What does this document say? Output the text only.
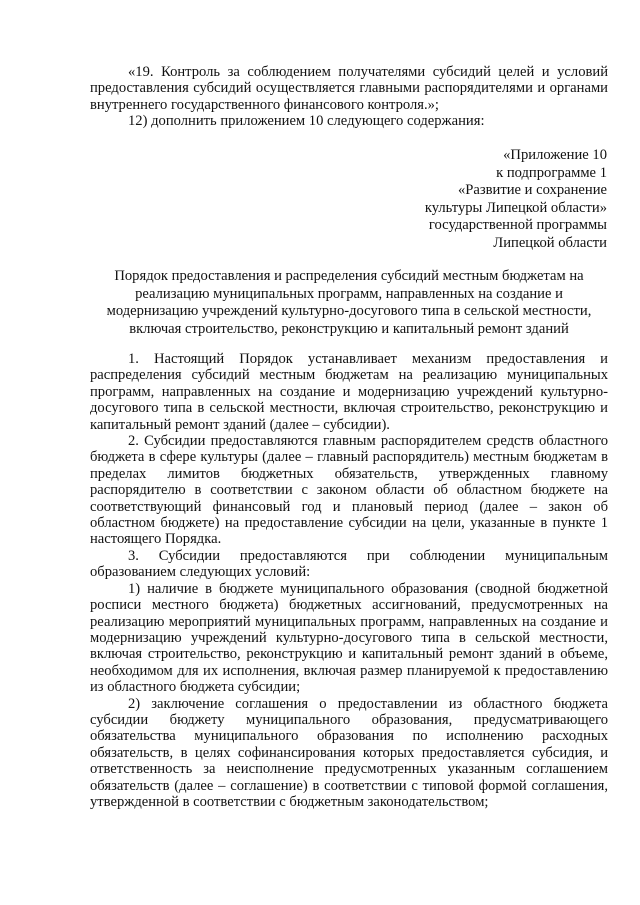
«19. Контроль за соблюдением получателями субсидий целей и условий предоставления субсидий осуществляется главными распорядителями и органами внутреннего государственного финансового контроля.»;

12) дополнить приложением 10 следующего содержания:

«Приложение 10
к подпрограмме 1
«Развитие и сохранение
культуры Липецкой области»
государственной программы
Липецкой области

Порядок предоставления и распределения субсидий местным бюджетам на реализацию муниципальных программ, направленных на создание и модернизацию учреждений культурно-досугового типа в сельской местности, включая строительство, реконструкцию и капитальный ремонт зданий

1. Настоящий Порядок устанавливает механизм предоставления и распределения субсидий местным бюджетам на реализацию муниципальных программ, направленных на создание и модернизацию учреждений культурно-досугового типа в сельской местности, включая строительство, реконструкцию и капитальный ремонт зданий (далее – субсидии).

2. Субсидии предоставляются главным распорядителем средств областного бюджета в сфере культуры (далее – главный распорядитель) местным бюджетам в пределах лимитов бюджетных обязательств, утвержденных главному распорядителю в соответствии с законом области об областном бюджете на соответствующий финансовый год и плановый период (далее – закон об областном бюджете) на предоставление субсидии на цели, указанные в пункте 1 настоящего Порядка.

3. Субсидии предоставляются при соблюдении муниципальным образованием следующих условий:

1) наличие в бюджете муниципального образования (сводной бюджетной росписи местного бюджета) бюджетных ассигнований, предусмотренных на реализацию мероприятий муниципальных программ, направленных на создание и модернизацию учреждений культурно-досугового типа в сельской местности, включая строительство, реконструкцию и капитальный ремонт зданий в объеме, необходимом для их исполнения, включая размер планируемой к предоставлению из областного бюджета субсидии;

2) заключение соглашения о предоставлении из областного бюджета субсидии бюджету муниципального образования, предусматривающего обязательства муниципального образования по исполнению расходных обязательств, в целях софинансирования которых предоставляется субсидия, и ответственность за неисполнение предусмотренных указанным соглашением обязательств (далее – соглашение) в соответствии с типовой формой соглашения, утвержденной в соответствии с бюджетным законодательством;
